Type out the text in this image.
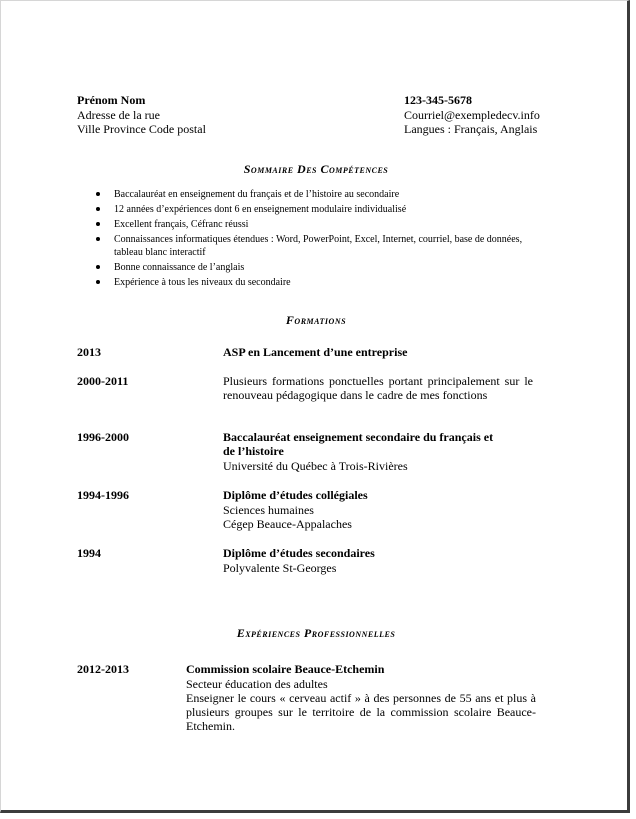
Prénom Nom
Adresse de la rue
Ville Province Code postal
123-345-5678
Courriel@exempledecv.info
Langues : Français, Anglais
Sommaire Des Compétences
Baccalauréat en enseignement du français et de l’histoire au secondaire
12 années d’expériences dont 6 en enseignement modulaire individualisé
Excellent français, Céfranc réussi
Connaissances informatiques étendues : Word, PowerPoint, Excel, Internet, courriel, base de données, tableau blanc interactif
Bonne connaissance de l’anglais
Expérience à tous les niveaux du secondaire
Formations
2013	ASP en Lancement d’une entreprise
2000-2011	Plusieurs formations ponctuelles portant principalement sur le renouveau pédagogique dans le cadre de mes fonctions
1996-2000	Baccalauréat enseignement secondaire du français et de l’histoire
Université du Québec à Trois-Rivières
1994-1996	Diplôme d’études collégiales
Sciences humaines
Cégep Beauce-Appalaches
1994	Diplôme d’études secondaires
Polyvalente St-Georges
Expériences Professionnelles
2012-2013	Commission scolaire Beauce-Etchemin
Secteur éducation des adultes
Enseigner le cours « cerveau actif » à des personnes de 55 ans et plus à plusieurs groupes sur le territoire de la commission scolaire Beauce-Etchemin.
